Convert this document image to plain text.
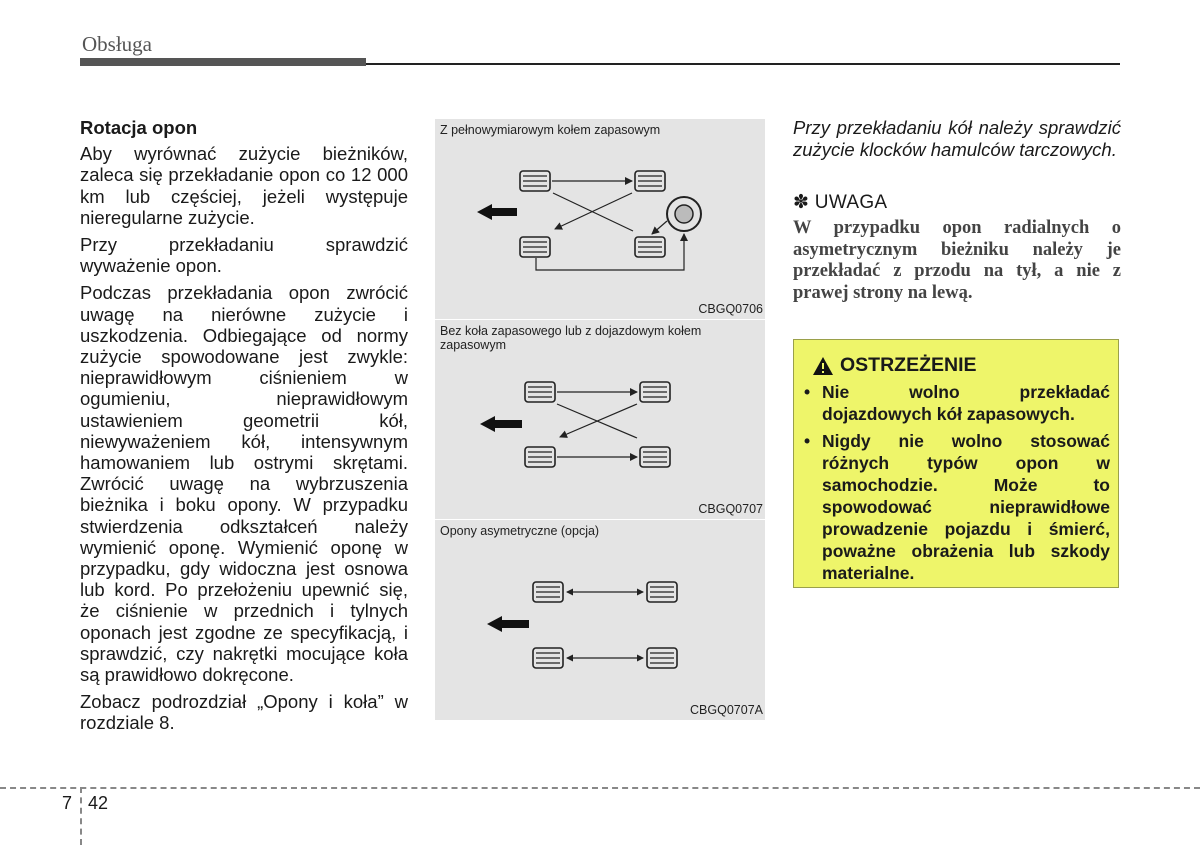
Obsługa
Rotacja opon

Aby wyrównać zużycie bieżników, zaleca się przekładanie opon co 12 000 km lub częściej, jeżeli występuje nieregularne zużycie.

Przy przekładaniu sprawdzić wyważenie opon.

Podczas przekładania opon zwrócić uwagę na nierówne zużycie i uszkodzenia. Odbiegające od normy zużycie spowodowane jest zwykle: nieprawidłowym ciśnieniem w ogumieniu, nieprawidłowym ustawieniem geometrii kół, niewyważeniem kół, intensywnym hamowaniem lub ostrymi skrętami. Zwrócić uwagę na wybrzuszenia bieżnika i boku opony. W przypadku stwierdzenia odkształceń należy wymienić oponę. Wymienić oponę w przypadku, gdy widoczna jest osnowa lub kord. Po przełożeniu upewnić się, że ciśnienie w przednich i tylnych oponach jest zgodne ze specyfikacją, i sprawdzić, czy nakrętki mocujące koła są prawidłowo dokręcone.

Zobacz podrozdział „Opony i koła” w rozdziale 8.

Z pełnowymiarowym kołem zapasowym
CBGQ0706
Bez koła zapasowego lub z dojazdowym kołem zapasowym
CBGQ0707
Opony asymetryczne (opcja)
CBGQ0707A

Przy przekładaniu kół należy sprawdzić zużycie klocków hamulców tarczowych.

✽ UWAGA
W przypadku opon radialnych o asymetrycznym bieżniku należy je przekładać z przodu na tył, a nie z prawej strony na lewą.
OSTRZEŻENIE
• Nie wolno przekładać dojazdowych kół zapasowych.
• Nigdy nie wolno stosować różnych typów opon w samochodzie. Może to spowodować nieprawidłowe prowadzenie pojazdu i śmierć, poważne obrażenia lub szkody materialne.
7 42
